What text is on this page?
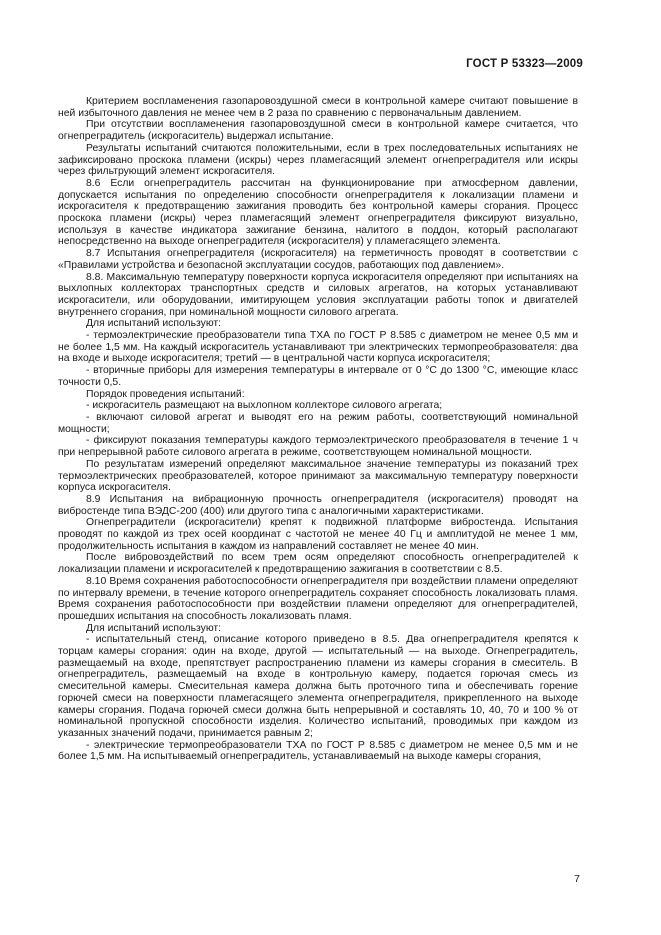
ГОСТ Р 53323—2009

Критерием воспламенения газопаровоздушной смеси в контрольной камере считают повышение в ней избыточного давления не менее чем в 2 раза по сравнению с первоначальным давлением.

При отсутствии воспламенения газопаровоздушной смеси в контрольной камере считается, что огнепреградитель (искрогаситель) выдержал испытание.

Результаты испытаний считаются положительными, если в трех последовательных испытаниях не зафиксировано проскока пламени (искры) через пламегасящий элемент огнепреградителя или искры через фильтрующий элемент искрогасителя.

8.6 Если огнепреградитель рассчитан на функционирование при атмосферном давлении, допускается испытания по определению способности огнепреградителя к локализации пламени и искрогасителя к предотвращению зажигания проводить без контрольной камеры сгорания. Процесс проскока пламени (искры) через пламегасящий элемент огнепреградителя фиксируют визуально, используя в качестве индикатора зажигание бензина, налитого в поддон, который располагают непосредственно на выходе огнепреградителя (искрогасителя) у пламегасящего элемента.

8.7 Испытания огнепреградителя (искрогасителя) на герметичность проводят в соответствии с «Правилами устройства и безопасной эксплуатации сосудов, работающих под давлением».

8.8. Максимальную температуру поверхности корпуса искрогасителя определяют при испытаниях на выхлопных коллекторах транспортных средств и силовых агрегатов, на которых устанавливают искрогасители, или оборудовании, имитирующем условия эксплуатации работы топок и двигателей внутреннего сгорания, при номинальной мощности силового агрегата.

Для испытаний используют:

- термоэлектрические преобразователи типа ТХА по ГОСТ Р 8.585 с диаметром не менее 0,5 мм и не более 1,5 мм. На каждый искрогаситель устанавливают три электрических термопреобразователя: два на входе и выходе искрогасителя; третий — в центральной части корпуса искрогасителя;

- вторичные приборы для измерения температуры в интервале от 0 °С до 1300 °С, имеющие класс точности 0,5.

Порядок проведения испытаний:

- искрогаситель размещают на выхлопном коллекторе силового агрегата;

- включают силовой агрегат и выводят его на режим работы, соответствующий номинальной мощности;

- фиксируют показания температуры каждого термоэлектрического преобразователя в течение 1 ч при непрерывной работе силового агрегата в режиме, соответствующем номинальной мощности.

По результатам измерений определяют максимальное значение температуры из показаний трех термоэлектрических преобразователей, которое принимают за максимальную температуру поверхности корпуса искрогасителя.

8.9 Испытания на вибрационную прочность огнепреградителя (искрогасителя) проводят на вибростенде типа ВЭДС-200 (400) или другого типа с аналогичными характеристиками.

Огнепреградители (искрогасители) крепят к подвижной платформе вибростенда. Испытания проводят по каждой из трех осей координат с частотой не менее 40 Гц и амплитудой не менее 1 мм, продолжительность испытания в каждом из направлений составляет не менее 40 мин.

После вибровоздействий по всем трем осям определяют способность огнепреградителей к локализации пламени и искрогасителей к предотвращению зажигания в соответствии с 8.5.

8.10 Время сохранения работоспособности огнепреградителя при воздействии пламени определяют по интервалу времени, в течение которого огнепреградитель сохраняет способность локализовать пламя. Время сохранения работоспособности при воздействии пламени определяют для огнепреградителей, прошедших испытания на способность локализовать пламя.

Для испытаний используют:

- испытательный стенд, описание которого приведено в 8.5. Два огнепреградителя крепятся к торцам камеры сгорания: один на входе, другой — испытательный — на выходе. Огнепреградитель, размещаемый на входе, препятствует распространению пламени из камеры сгорания в смеситель. В огнепреградитель, размещаемый на входе в контрольную камеру, подается горючая смесь из смесительной камеры. Смесительная камера должна быть проточного типа и обеспечивать горение горючей смеси на поверхности пламегасящего элемента огнепреградителя, прикрепленного на выходе камеры сгорания. Подача горючей смеси должна быть непрерывной и составлять 10, 40, 70 и 100 % от номинальной пропускной способности изделия. Количество испытаний, проводимых при каждом из указанных значений подачи, принимается равным 2;

- электрические термопреобразователи ТХА по ГОСТ Р 8.585 с диаметром не менее 0,5 мм и не более 1,5 мм. На испытываемый огнепреградитель, устанавливаемый на выходе камеры сгорания,

7
